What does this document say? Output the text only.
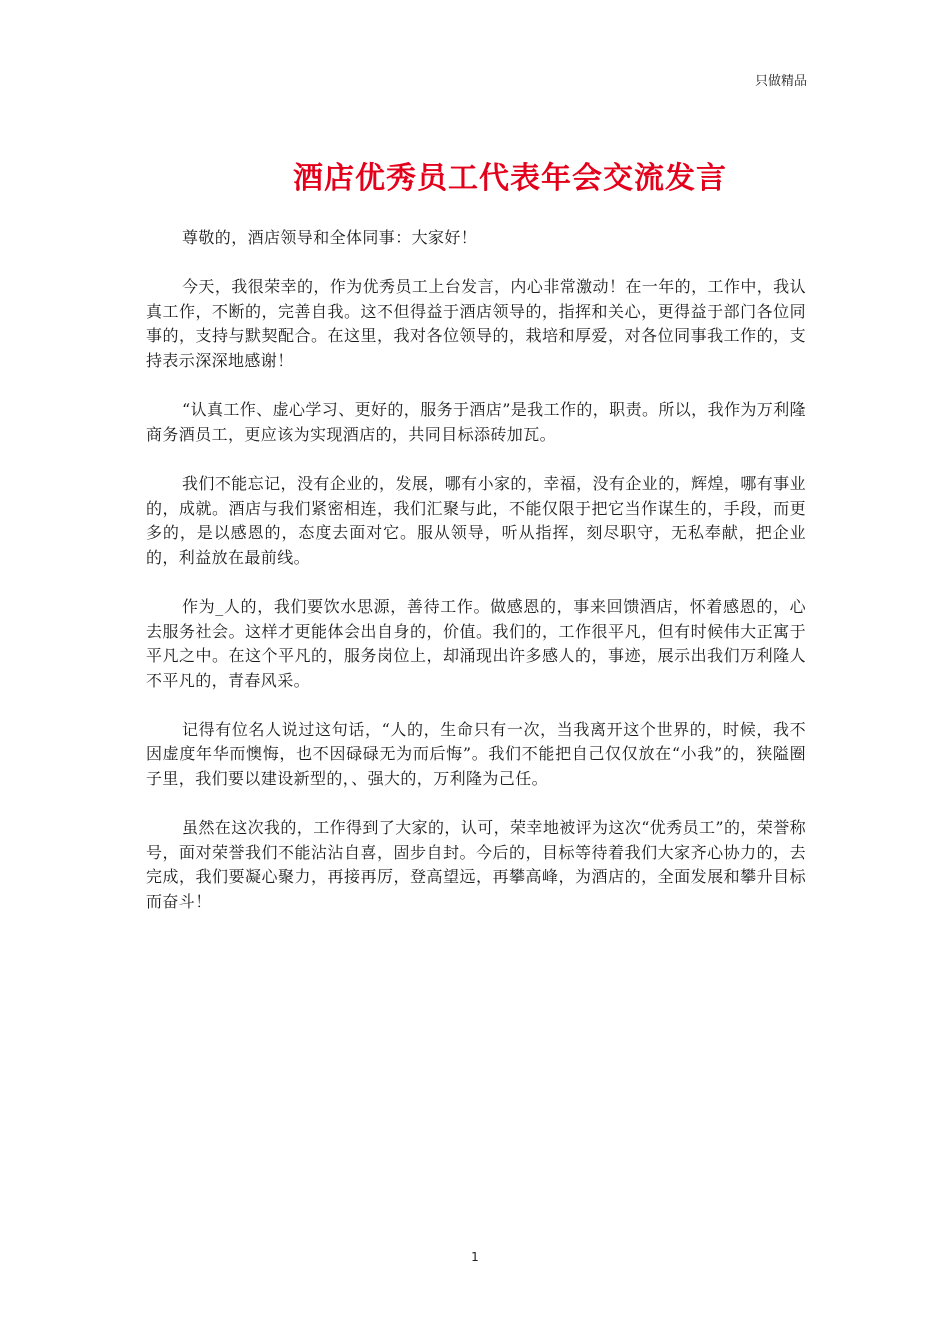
只做精品
酒店优秀员工代表年会交流发言

尊敬的，酒店领导和全体同事：大家好！

今天，我很荣幸的，作为优秀员工上台发言，内心非常激动！在一年的，工作中，我认真工作，不断的，完善自我。这不但得益于酒店领导的，指挥和关心，更得益于部门各位同事的，支持与默契配合。在这里，我对各位领导的，栽培和厚爱，对各位同事我工作的，支持表示深深地感谢！

“认真工作、虚心学习、更好的，服务于酒店”是我工作的，职责。所以，我作为万利隆商务酒员工，更应该为实现酒店的，共同目标添砖加瓦。

我们不能忘记，没有企业的，发展，哪有小家的，幸福，没有企业的，辉煌，哪有事业的，成就。酒店与我们紧密相连，我们汇聚与此，不能仅限于把它当作谋生的，手段，而更多的，是以感恩的，态度去面对它。服从领导，听从指挥，刻尽职守，无私奉献，把企业的，利益放在最前线。

作为_人的，我们要饮水思源，善待工作。做感恩的，事来回馈酒店，怀着感恩的，心去服务社会。这样才更能体会出自身的，价值。我们的，工作很平凡，但有时候伟大正寓于平凡之中。在这个平凡的，服务岗位上，却涌现出许多感人的，事迹，展示出我们万利隆人不平凡的，青春风采。

记得有位名人说过这句话，“人的，生命只有一次，当我离开这个世界的，时候，我不因虚度年华而懊悔，也不因碌碌无为而后悔”。我们不能把自己仅仅放在“小我”的，狭隘圈子里，我们要以建设新型的，、强大的，万利隆为己任。

虽然在这次我的，工作得到了大家的，认可，荣幸地被评为这次“优秀员工”的，荣誉称号，面对荣誉我们不能沾沾自喜，固步自封。今后的，目标等待着我们大家齐心协力的，去完成，我们要凝心聚力，再接再厉，登高望远，再攀高峰，为酒店的，全面发展和攀升目标而奋斗！

1
